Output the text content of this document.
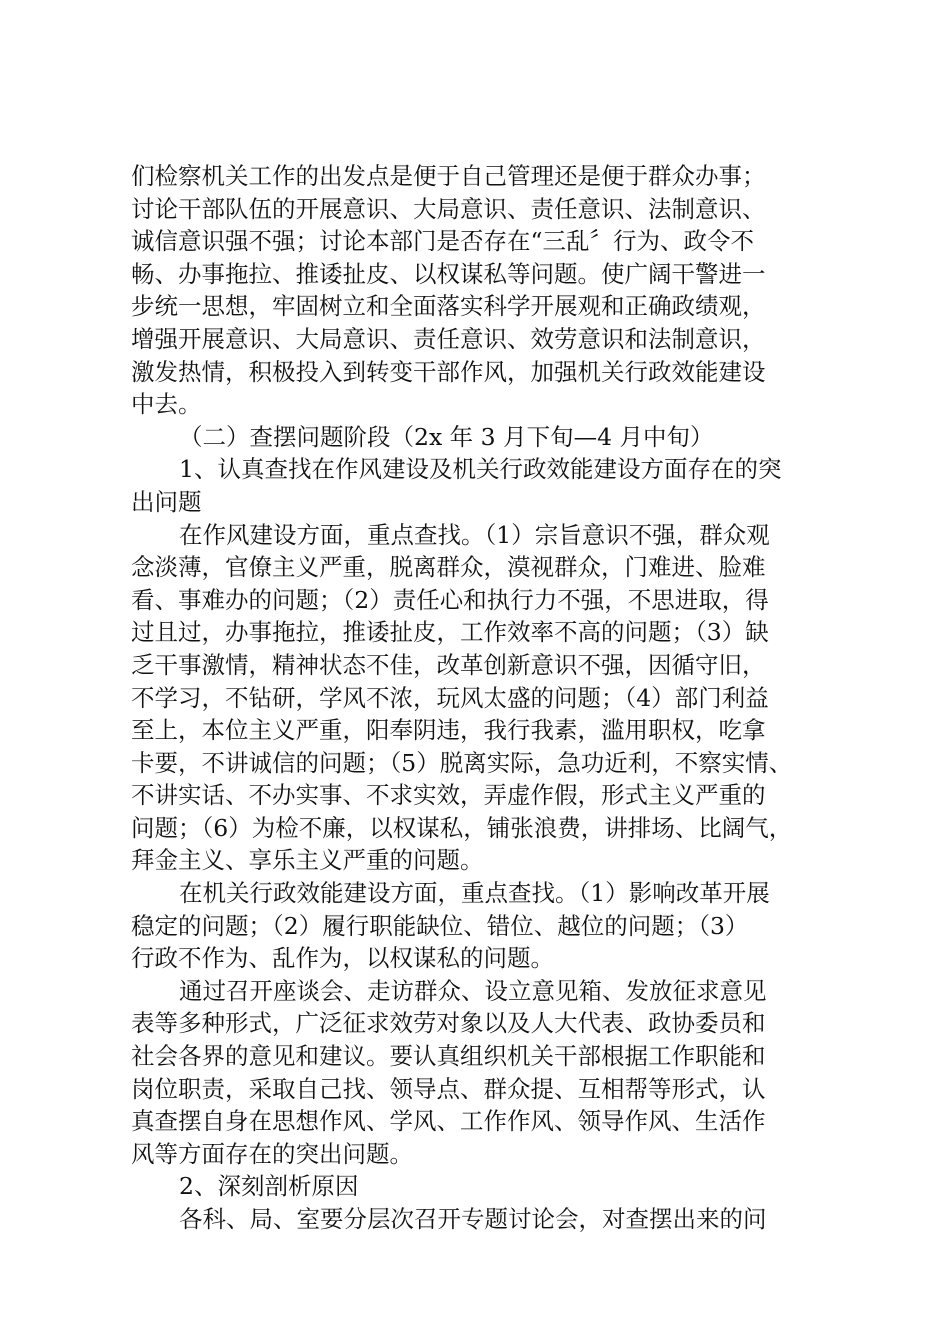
们检察机关工作的出发点是便于自己管理还是便于群众办事；
讨论干部队伍的开展意识、大局意识、责任意识、法制意识、
诚信意识强不强；讨论本部门是否存在“三乱〞行为、政令不
畅、办事拖拉、推诿扯皮、以权谋私等问题。使广阔干警进一
步统一思想，牢固树立和全面落实科学开展观和正确政绩观，
增强开展意识、大局意识、责任意识、效劳意识和法制意识，
激发热情，积极投入到转变干部作风，加强机关行政效能建设
中去。

（二）查摆问题阶段（2x 年 3 月下旬—4 月中旬）

1、认真查找在作风建设及机关行政效能建设方面存在的突
出问题

在作风建设方面，重点查找。（1）宗旨意识不强，群众观
念淡薄，官僚主义严重，脱离群众，漠视群众，门难进、脸难
看、事难办的问题；（2）责任心和执行力不强，不思进取，得
过且过，办事拖拉，推诿扯皮，工作效率不高的问题；（3）缺
乏干事激情，精神状态不佳，改革创新意识不强，因循守旧，
不学习，不钻研，学风不浓，玩风太盛的问题；（4）部门利益
至上，本位主义严重，阳奉阴违，我行我素，滥用职权，吃拿
卡要，不讲诚信的问题；（5）脱离实际，急功近利，不察实情、
不讲实话、不办实事、不求实效，弄虚作假，形式主义严重的
问题；（6）为检不廉，以权谋私，铺张浪费，讲排场、比阔气，
拜金主义、享乐主义严重的问题。

在机关行政效能建设方面，重点查找。（1）影响改革开展
稳定的问题；（2）履行职能缺位、错位、越位的问题；（3）
行政不作为、乱作为，以权谋私的问题。

通过召开座谈会、走访群众、设立意见箱、发放征求意见
表等多种形式，广泛征求效劳对象以及人大代表、政协委员和
社会各界的意见和建议。要认真组织机关干部根据工作职能和
岗位职责，采取自己找、领导点、群众提、互相帮等形式，认
真查摆自身在思想作风、学风、工作作风、领导作风、生活作
风等方面存在的突出问题。

2、深刻剖析原因

各科、局、室要分层次召开专题讨论会，对查摆出来的问
